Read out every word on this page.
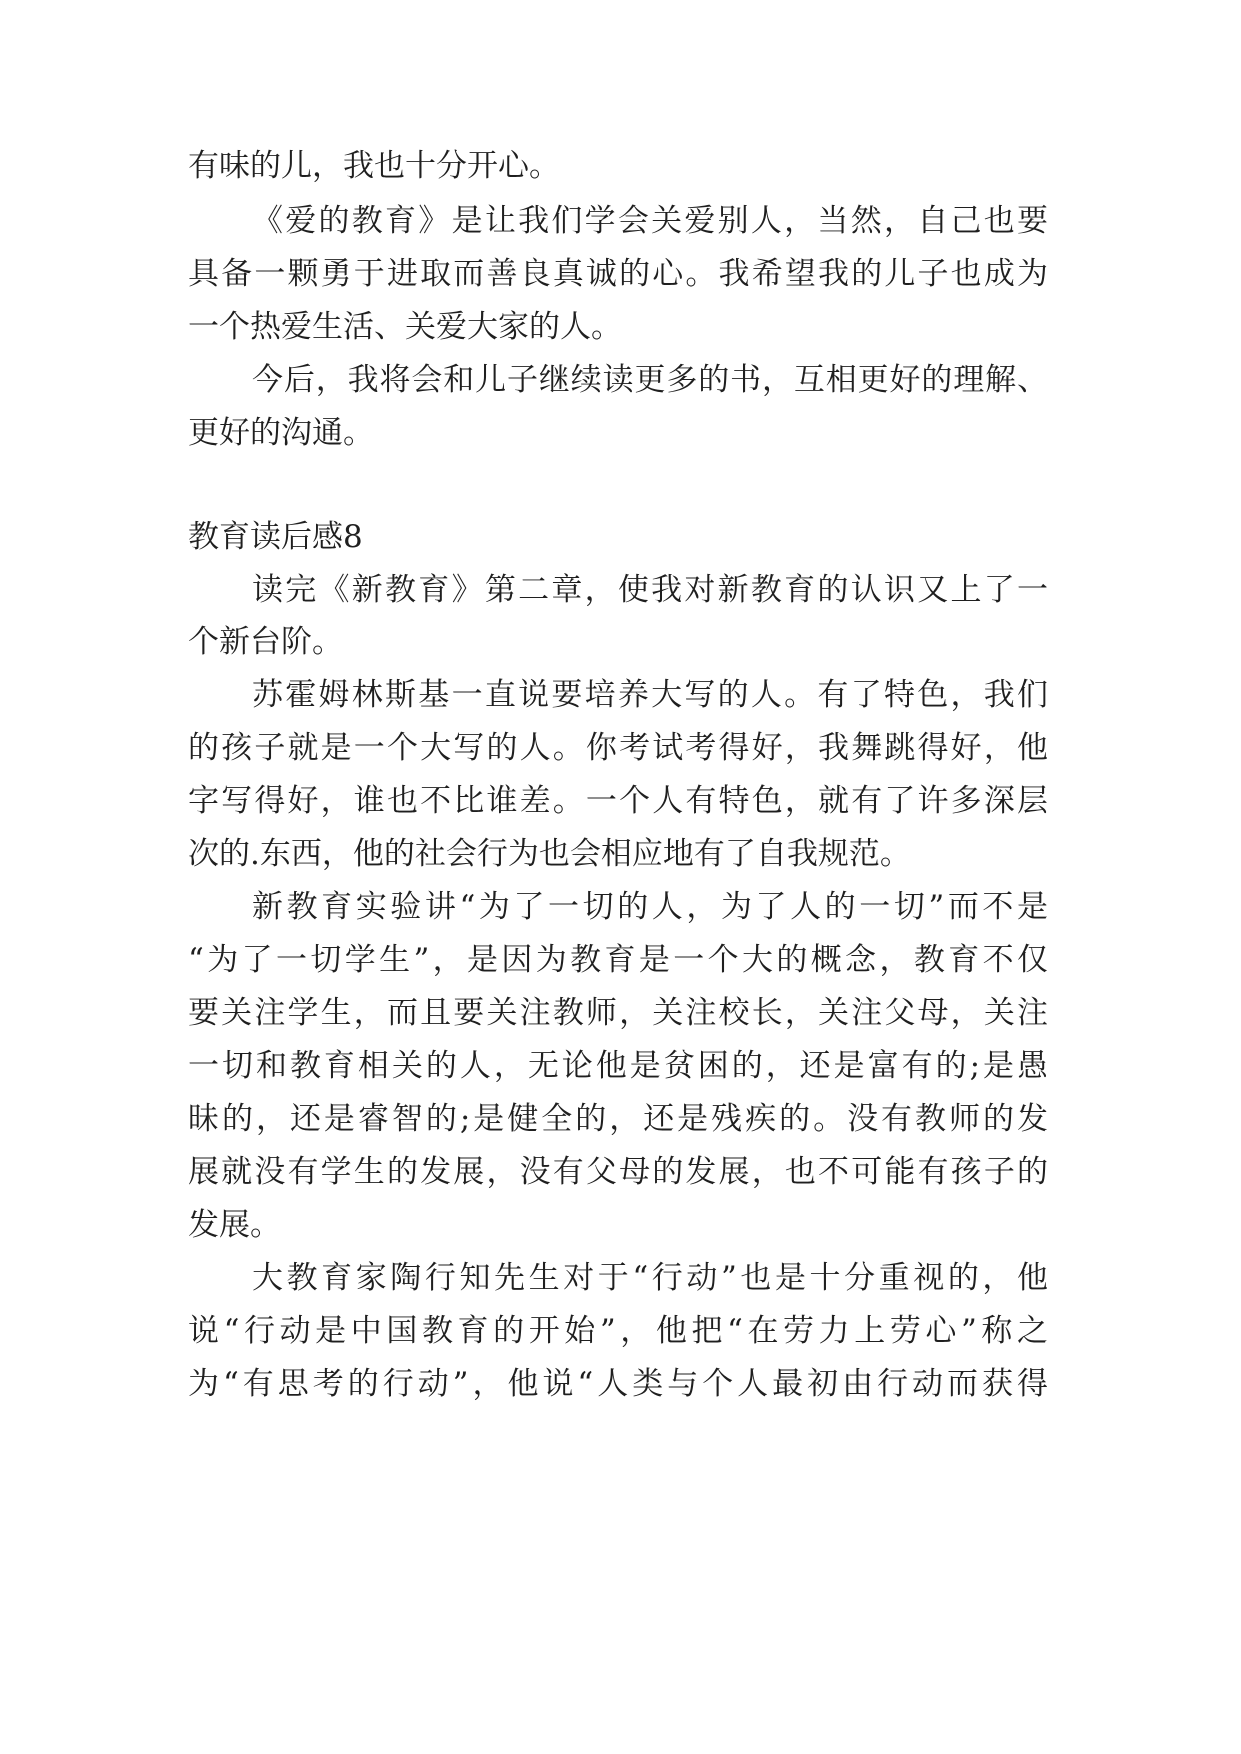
有味的儿，我也十分开心。
《爱的教育》是让我们学会关爱别人，当然，自己也要
具备一颗勇于进取而善良真诚的心。我希望我的儿子也成为
一个热爱生活、关爱大家的人。
今后，我将会和儿子继续读更多的书，互相更好的理解、
更好的沟通。
教育读后感8
读完《新教育》第二章，使我对新教育的认识又上了一
个新台阶。
苏霍姆林斯基一直说要培养大写的人。有了特色，我们
的孩子就是一个大写的人。你考试考得好，我舞跳得好，他
字写得好，谁也不比谁差。一个人有特色，就有了许多深层
次的.东西，他的社会行为也会相应地有了自我规范。
新教育实验讲“为了一切的人，为了人的一切”而不是
“为了一切学生”，是因为教育是一个大的概念，教育不仅
要关注学生，而且要关注教师，关注校长，关注父母，关注
一切和教育相关的人，无论他是贫困的，还是富有的;是愚
昧的，还是睿智的;是健全的，还是残疾的。没有教师的发
展就没有学生的发展，没有父母的发展，也不可能有孩子的
发展。
大教育家陶行知先生对于“行动”也是十分重视的，他
说“行动是中国教育的开始”，他把“在劳力上劳心”称之
为“有思考的行动”，他说“人类与个人最初由行动而获得
